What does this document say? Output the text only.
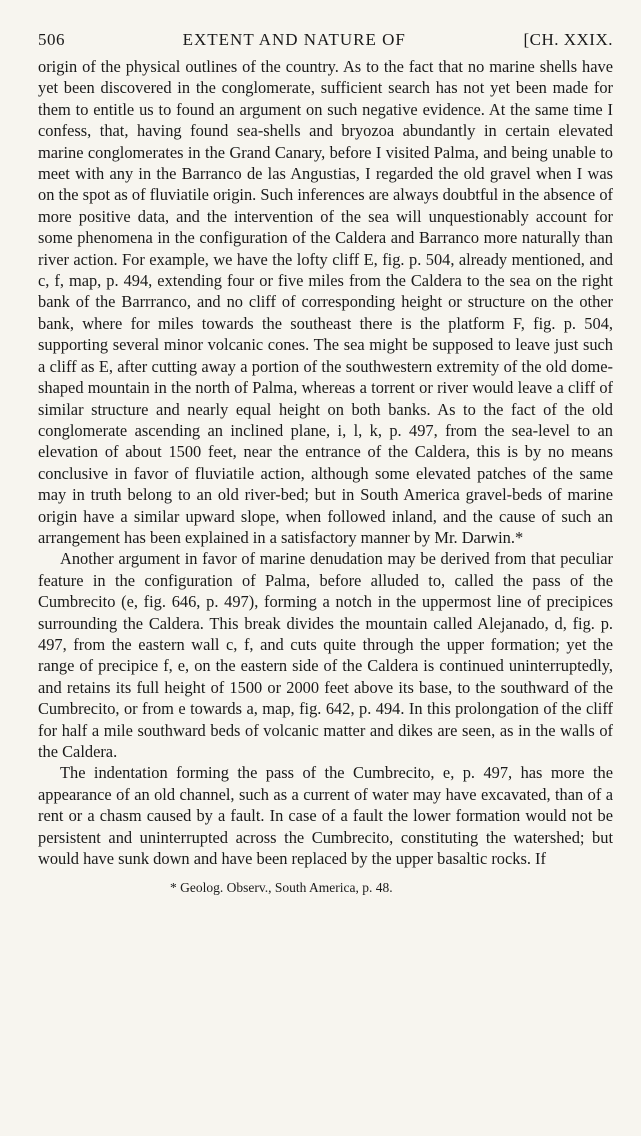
506	EXTENT AND NATURE OF	[CH. XXIX.

origin of the physical outlines of the country. As to the fact that no marine shells have yet been discovered in the conglomerate, sufficient search has not yet been made for them to entitle us to found an argument on such negative evidence. At the same time I confess, that, having found sea-shells and bryozoa abundantly in certain elevated marine conglomerates in the Grand Canary, before I visited Palma, and being unable to meet with any in the Barranco de las Angustias, I regarded the old gravel when I was on the spot as of fluviatile origin. Such inferences are always doubtful in the absence of more positive data, and the intervention of the sea will unquestionably account for some phenomena in the configuration of the Caldera and Barranco more naturally than river action. For example, we have the lofty cliff E, fig. p. 504, already mentioned, and c, f, map, p. 494, extending four or five miles from the Caldera to the sea on the right bank of the Barrranco, and no cliff of corresponding height or structure on the other bank, where for miles towards the southeast there is the platform F, fig. p. 504, supporting several minor volcanic cones. The sea might be supposed to leave just such a cliff as E, after cutting away a portion of the southwestern extremity of the old dome-shaped mountain in the north of Palma, whereas a torrent or river would leave a cliff of similar structure and nearly equal height on both banks. As to the fact of the old conglomerate ascending an inclined plane, i, l, k, p. 497, from the sea-level to an elevation of about 1500 feet, near the entrance of the Caldera, this is by no means conclusive in favor of fluviatile action, although some elevated patches of the same may in truth belong to an old river-bed; but in South America gravel-beds of marine origin have a similar upward slope, when followed inland, and the cause of such an arrangement has been explained in a satisfactory manner by Mr. Darwin.*

Another argument in favor of marine denudation may be derived from that peculiar feature in the configuration of Palma, before alluded to, called the pass of the Cumbrecito (e, fig. 646, p. 497), forming a notch in the uppermost line of precipices surrounding the Caldera. This break divides the mountain called Alejanado, d, fig. p. 497, from the eastern wall c, f, and cuts quite through the upper formation; yet the range of precipice f, e, on the eastern side of the Caldera is continued uninterruptedly, and retains its full height of 1500 or 2000 feet above its base, to the southward of the Cumbrecito, or from e towards a, map, fig. 642, p. 494. In this prolongation of the cliff for half a mile southward beds of volcanic matter and dikes are seen, as in the walls of the Caldera.

The indentation forming the pass of the Cumbrecito, e, p. 497, has more the appearance of an old channel, such as a current of water may have excavated, than of a rent or a chasm caused by a fault. In case of a fault the lower formation would not be persistent and uninterrupted across the Cumbrecito, constituting the watershed; but would have sunk down and have been replaced by the upper basaltic rocks. If

* Geolog. Observ., South America, p. 48.
